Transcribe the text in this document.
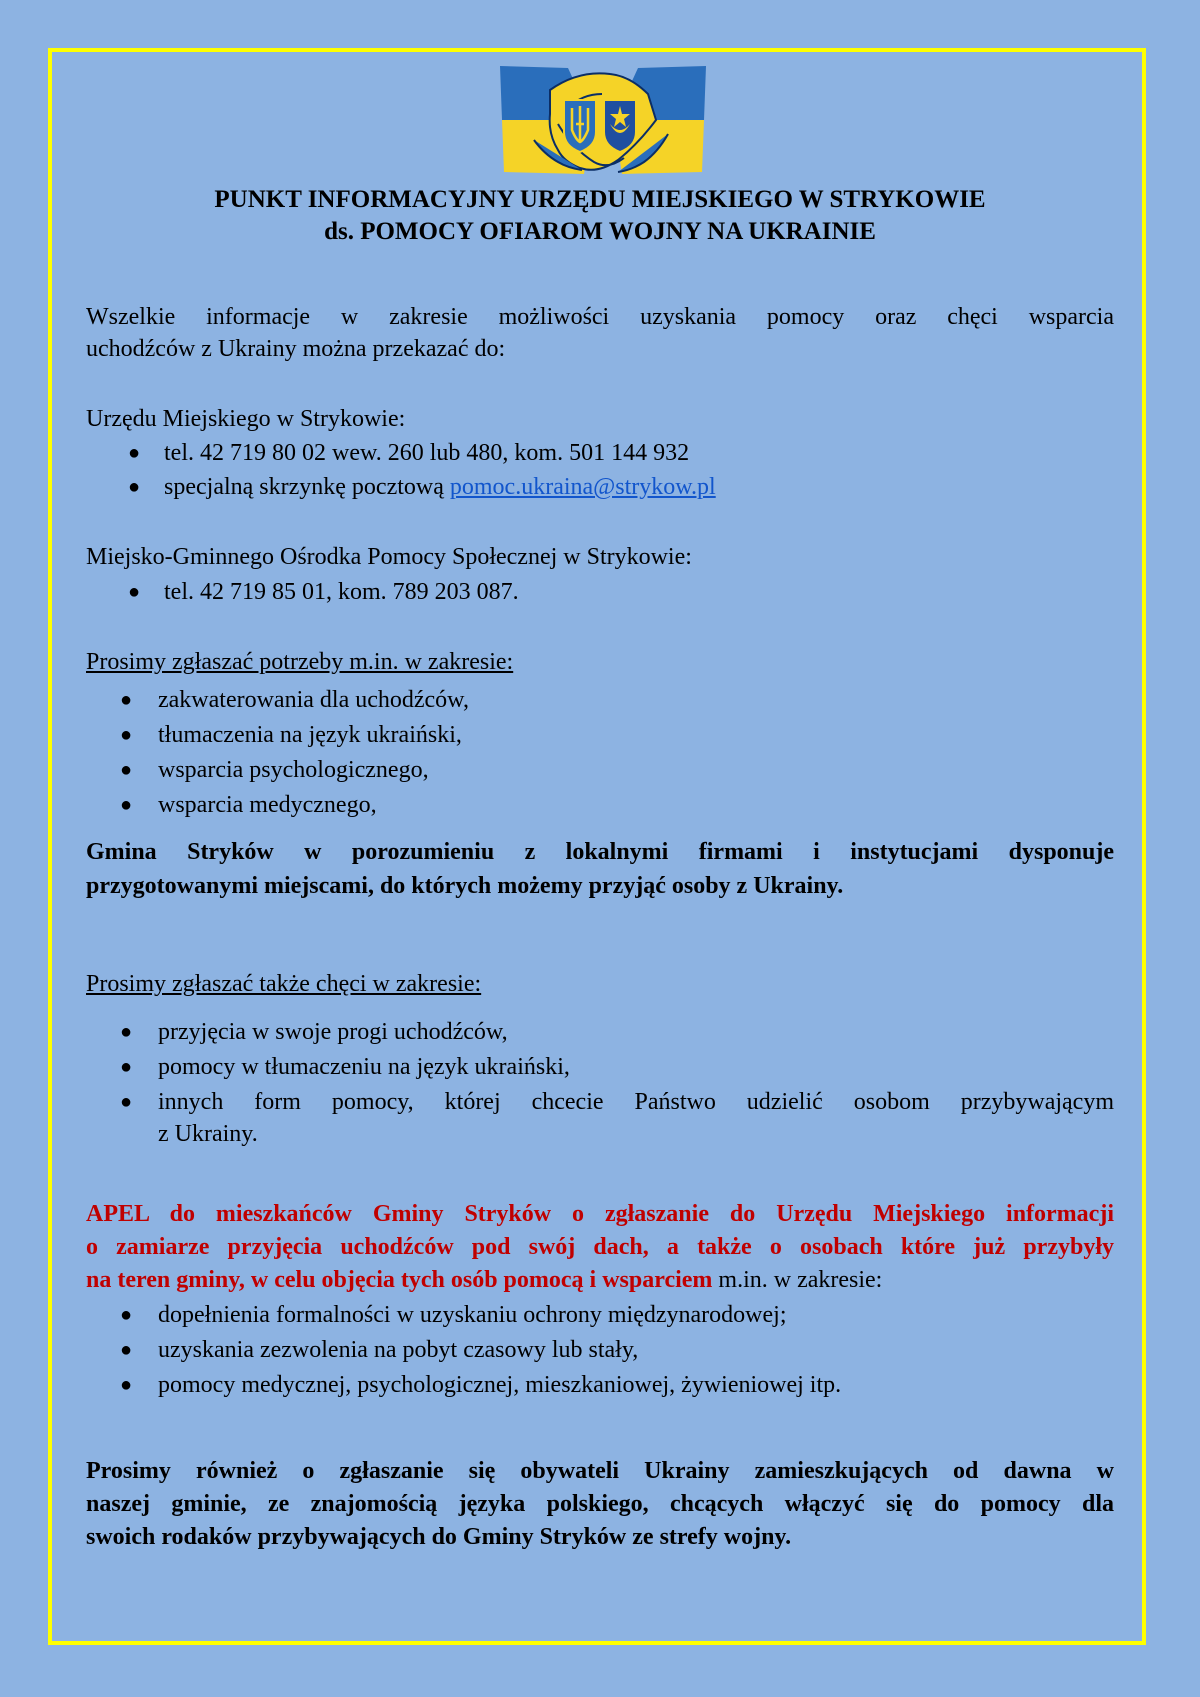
PUNKT INFORMACYJNY URZĘDU MIEJSKIEGO W STRYKOWIE
ds. POMOCY OFIAROM WOJNY NA UKRAINIE
Wszelkie informacje w zakresie możliwości uzyskania pomocy oraz chęci wsparcia
uchodźców z Ukrainy można przekazać do:
Urzędu Miejskiego w Strykowie:
● tel. 42 719 80 02 wew. 260 lub 480, kom. 501 144 932
● specjalną skrzynkę pocztową pomoc.ukraina@strykow.pl
Miejsko-Gminnego Ośrodka Pomocy Społecznej w Strykowie:
● tel. 42 719 85 01, kom. 789 203 087.
Prosimy zgłaszać potrzeby m.in. w zakresie:
● zakwaterowania dla uchodźców,
● tłumaczenia na język ukraiński,
● wsparcia psychologicznego,
● wsparcia medycznego,
Gmina Stryków w porozumieniu z lokalnymi firmami i instytucjami dysponuje
przygotowanymi miejscami, do których możemy przyjąć osoby z Ukrainy.
Prosimy zgłaszać także chęci w zakresie:
● przyjęcia w swoje progi uchodźców,
● pomocy w tłumaczeniu na język ukraiński,
● innych form pomocy, której chcecie Państwo udzielić osobom przybywającym
z Ukrainy.
APEL do mieszkańców Gminy Stryków o zgłaszanie do Urzędu Miejskiego informacji
o zamiarze przyjęcia uchodźców pod swój dach, a także o osobach które już przybyły
na teren gminy, w celu objęcia tych osób pomocą i wsparciem m.in. w zakresie:
● dopełnienia formalności w uzyskaniu ochrony międzynarodowej;
● uzyskania zezwolenia na pobyt czasowy lub stały,
● pomocy medycznej, psychologicznej, mieszkaniowej, żywieniowej itp.
Prosimy również o zgłaszanie się obywateli Ukrainy zamieszkujących od dawna w
naszej gminie, ze znajomością języka polskiego, chcących włączyć się do pomocy dla
swoich rodaków przybywających do Gminy Stryków ze strefy wojny.
